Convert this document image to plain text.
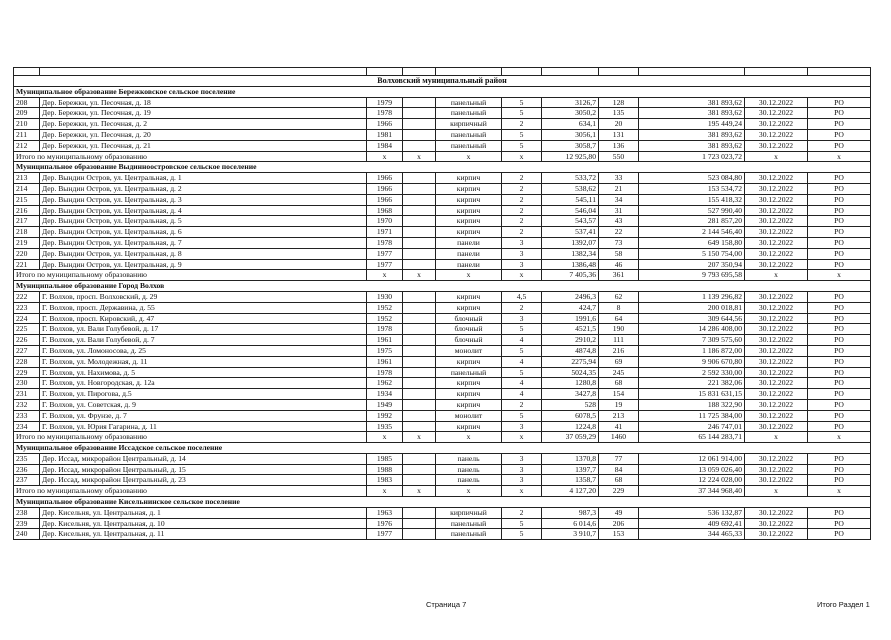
Волховский муниципальный район										
Муниципальное образование Бережковское сельское поселение										
208	Дер. Бережки, ул. Песочная, д. 18	1979		панельный	5	3126,7	128	381 893,62	30.12.2022	РО
209	Дер. Бережки, ул. Песочная, д. 19	1978		панельный	5	3050,2	135	381 893,62	30.12.2022	РО
210	Дер. Бережки, ул. Песочная, д. 2	1966		кирпичный	2	634,1	20	195 449,24	30.12.2022	РО
211	Дер. Бережки, ул. Песочная, д. 20	1981		панельный	5	3056,1	131	381 893,62	30.12.2022	РО
212	Дер. Бережки, ул. Песочная, д. 21	1984		панельный	5	3058,7	136	381 893,62	30.12.2022	РО
Итого по муниципальному образованию		х	х	х	х	12 925,80	550	1 723 023,72	х	х
Муниципальное образование Выдинноостровское сельское поселение										
213	Дер. Вындин Остров, ул. Центральная, д. 1	1966		кирпич	2	533,72	33	523 084,80	30.12.2022	РО
214	Дер. Вындин Остров, ул. Центральная, д. 2	1966		кирпич	2	538,62	21	153 534,72	30.12.2022	РО
215	Дер. Вындин Остров, ул. Центральная, д. 3	1966		кирпич	2	545,11	34	155 418,32	30.12.2022	РО
216	Дер. Вындин Остров, ул. Центральная, д. 4	1968		кирпич	2	546,04	31	527 990,40	30.12.2022	РО
217	Дер. Вындин Остров, ул. Центральная, д. 5	1970		кирпич	2	543,57	43	281 857,20	30.12.2022	РО
218	Дер. Вындин Остров, ул. Центральная, д. 6	1971		кирпич	2	537,41	22	2 144 546,40	30.12.2022	РО
219	Дер. Вындин Остров, ул. Центральная, д. 7	1978		панели	3	1392,07	73	649 158,80	30.12.2022	РО
220	Дер. Вындин Остров, ул. Центральная, д. 8	1977		панели	3	1382,34	58	5 150 754,00	30.12.2022	РО
221	Дер. Вындин Остров, ул. Центральная, д. 9	1977		панели	3	1386,48	46	207 350,94	30.12.2022	РО
Итого по муниципальному образованию		х	х	х	х	7 405,36	361	9 793 695,58	х	х
Муниципальное образование Город Волхов										
222	Г. Волхов, просп. Волховский, д. 29	1930		кирпич	4,5	2496,3	62	1 139 296,82	30.12.2022	РО
223	Г. Волхов, просп. Державина, д. 55	1952		кирпич	2	424,7	8	200 018,81	30.12.2022	РО
224	Г. Волхов, просп. Кировский, д. 47	1952		блочный	3	1991,6	64	309 644,56	30.12.2022	РО
225	Г. Волхов, ул. Вали Голубевой, д. 17	1978		блочный	5	4521,5	190	14 286 408,00	30.12.2022	РО
226	Г. Волхов, ул. Вали Голубевой, д. 7	1961		блочный	4	2910,2	111	7 309 575,60	30.12.2022	РО
227	Г. Волхов, ул. Ломоносова, д. 25	1975		монолит	5	4874,8	216	1 186 872,00	30.12.2022	РО
228	Г. Волхов, ул. Молодежная, д. 11	1961		кирпич	4	2275,94	69	9 906 670,80	30.12.2022	РО
229	Г. Волхов, ул. Нахимова, д. 5	1978		панельный	5	5024,35	245	2 592 330,00	30.12.2022	РО
230	Г. Волхов, ул. Новгородская, д. 12а	1962		кирпич	4	1280,8	68	221 382,06	30.12.2022	РО
231	Г. Волхов, ул. Пирогова, д.5	1934		кирпич	4	3427,8	154	15 831 631,15	30.12.2022	РО
232	Г. Волхов, ул. Советская, д. 9	1949		кирпич	2	528	19	188 322,90	30.12.2022	РО
233	Г. Волхов, ул. Фрунзе, д. 7	1992		монолит	5	6078,5	213	11 725 384,00	30.12.2022	РО
234	Г. Волхов, ул. Юрия Гагарина, д. 11	1935		кирпич	3	1224,8	41	246 747,01	30.12.2022	РО
Итого по муниципальному образованию		х	х	х	х	37 059,29	1460	65 144 283,71	х	х
Муниципальное образование Иссадское сельское поселение										
235	Дер. Иссад, микрорайон Центральный, д. 14	1985		панель	3	1370,8	77	12 061 914,00	30.12.2022	РО
236	Дер. Иссад, микрорайон Центральный, д. 15	1988		панель	3	1397,7	84	13 059 026,40	30.12.2022	РО
237	Дер. Иссад, микрорайон Центральный, д. 23	1983		панель	3	1358,7	68	12 224 028,00	30.12.2022	РО
Итого по муниципальному образованию		х	х	х	х	4 127,20	229	37 344 968,40	х	х
Муниципальное образование Кисельнинское сельское поселение										
238	Дер. Кисельня, ул. Центральная, д. 1	1963		кирпичный	2	987,3	49	536 132,87	30.12.2022	РО
239	Дер. Кисельня, ул. Центральная, д. 10	1976		панельный	5	6 014,6	206	409 692,41	30.12.2022	РО
240	Дер. Кисельня, ул. Центральная, д. 11	1977		панельный	5	3 910,7	153	344 465,33	30.12.2022	РО
Страница 7	Итого Раздел 1
